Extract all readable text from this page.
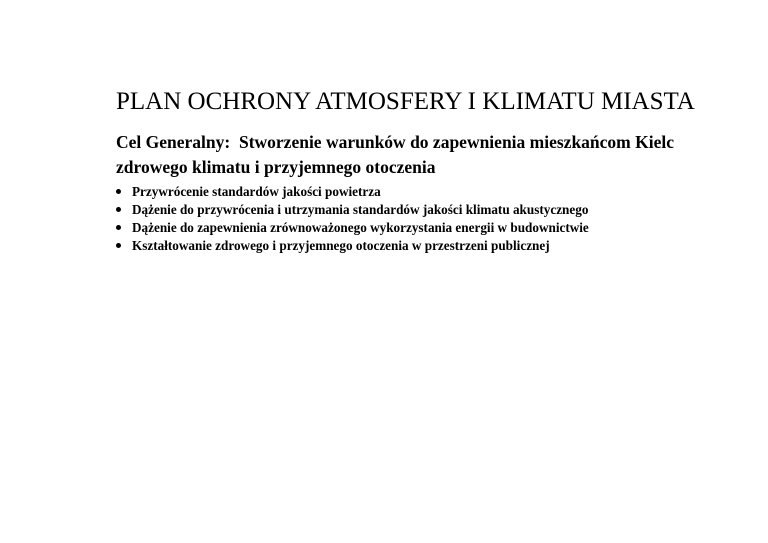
PLAN OCHRONY ATMOSFERY I KLIMATU MIASTA

Cel Generalny:  Stworzenie warunków do zapewnienia mieszkańcom Kielc
zdrowego klimatu i przyjemnego otoczenia

Przywrócenie standardów jakości powietrza
Dążenie do przywrócenia i utrzymania standardów jakości klimatu akustycznego
Dążenie do zapewnienia zrównoważonego wykorzystania energii w budownictwie
Kształtowanie zdrowego i przyjemnego otoczenia w przestrzeni publicznej
